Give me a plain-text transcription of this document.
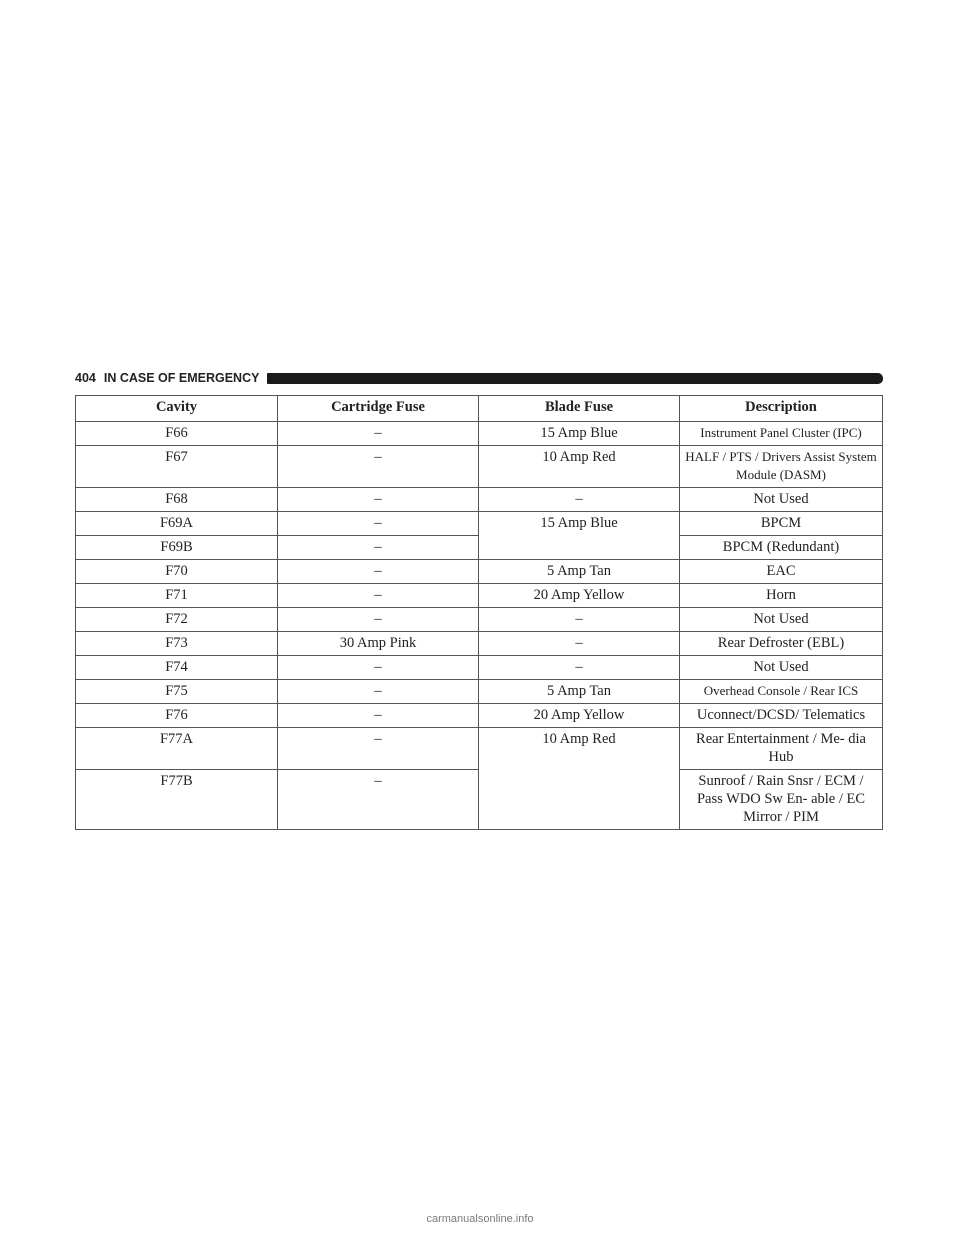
404 IN CASE OF EMERGENCY
Cavity	Cartridge Fuse	Blade Fuse	Description
F66	–	15 Amp Blue	Instrument Panel Cluster (IPC)
F67	–	10 Amp Red	HALF / PTS / Drivers Assist System Module (DASM)
F68	–	–	Not Used
F69A	–	15 Amp Blue	BPCM
F69B	–		BPCM (Redundant)
F70	–	5 Amp Tan	EAC
F71	–	20 Amp Yellow	Horn
F72	–	–	Not Used
F73	30 Amp Pink	–	Rear Defroster (EBL)
F74	–	–	Not Used
F75	–	5 Amp Tan	Overhead Console / Rear ICS
F76	–	20 Amp Yellow	Uconnect/DCSD/ Telematics
F77A	–	10 Amp Red	Rear Entertainment / Me- dia Hub
F77B	–		Sunroof / Rain Snsr / ECM / Pass WDO Sw En- able / EC Mirror / PIM
carmanualsonline.info
